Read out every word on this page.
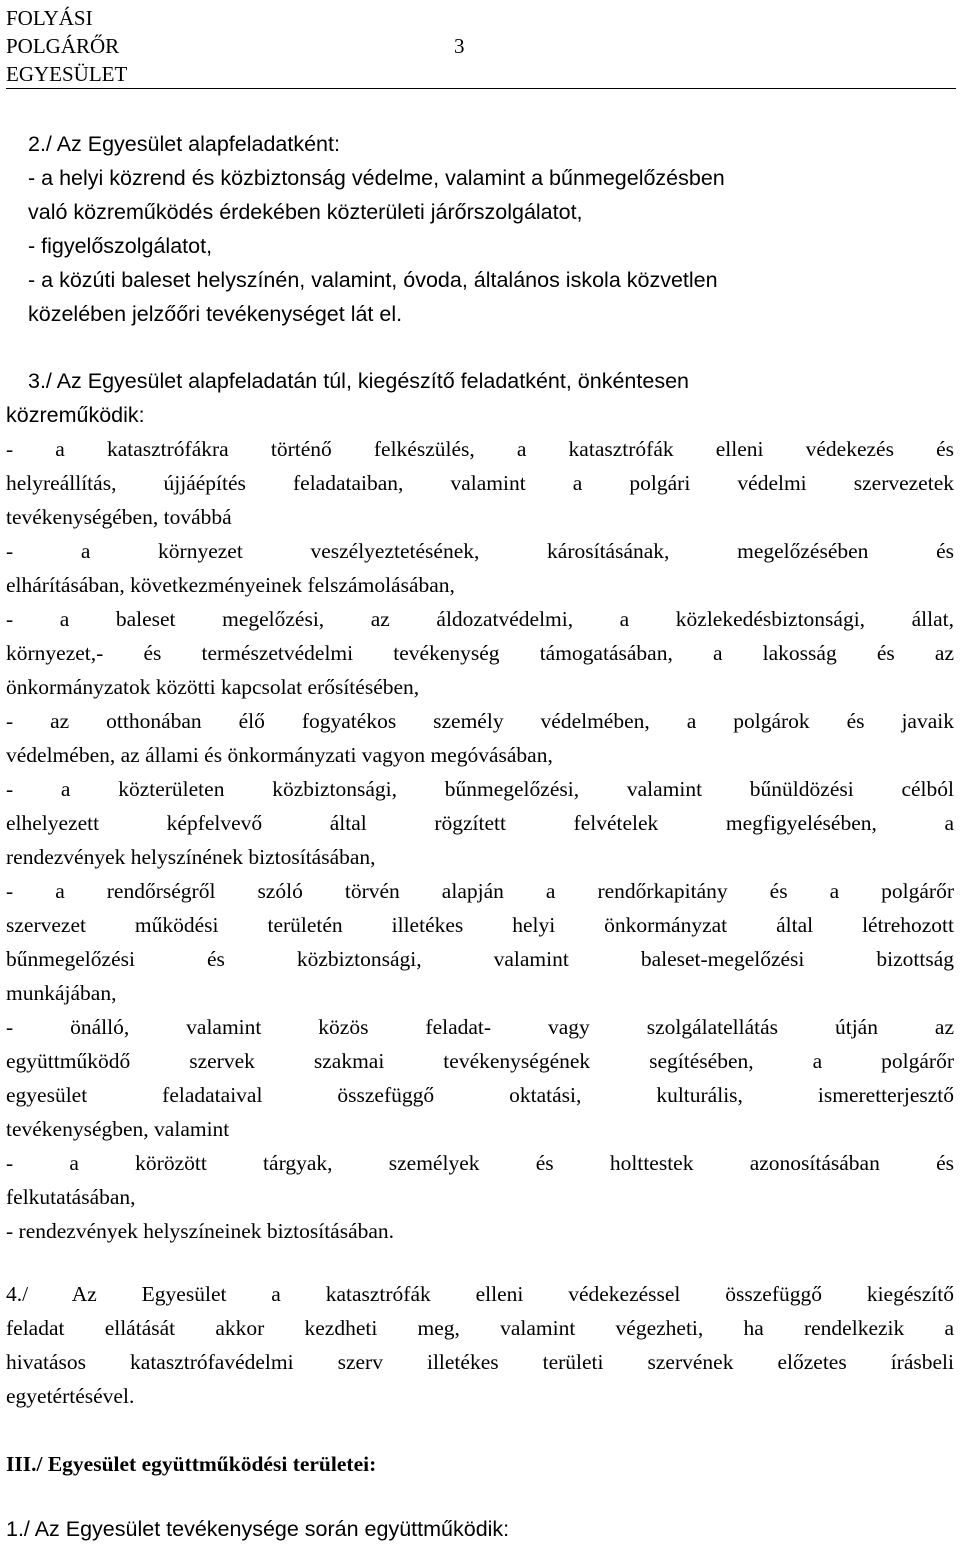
FOLYÁSI
POLGÁRŐR
EGYESÜLET
3
2./ Az Egyesület alapfeladatként:
- a helyi közrend és közbiztonság védelme, valamint a bűnmegelőzésben
való közreműködés érdekében közterületi járőrszolgálatot,
- figyelőszolgálatot,
- a közúti baleset helyszínén, valamint, óvoda, általános iskola közvetlen
közelében jelzőőri tevékenységet lát el.
3./ Az Egyesület alapfeladatán túl, kiegészítő feladatként, önkéntesen
közreműködik:
- a katasztrófákra történő felkészülés, a katasztrófák elleni védekezés és
helyreállítás, újjáépítés feladataiban, valamint a polgári védelmi szervezetek
tevékenységében, továbbá
- a környezet veszélyeztetésének, károsításának, megelőzésében és
elhárításában, következményeinek felszámolásában,
- a baleset megelőzési, az áldozatvédelmi, a közlekedésbiztonsági, állat,
környezet,- és természetvédelmi tevékenység támogatásában, a lakosság és az
önkormányzatok közötti kapcsolat erősítésében,
- az otthonában élő fogyatékos személy védelmében, a polgárok és javaik
védelmében, az állami és önkormányzati vagyon megóvásában,
- a közterületen közbiztonsági, bűnmegelőzési, valamint bűnüldözési célból
elhelyezett képfelvevő által rögzített felvételek megfigyelésében, a
rendezvények helyszínének biztosításában,
- a rendőrségről szóló törvén alapján a rendőrkapitány és a polgárőr
szervezet működési területén illetékes helyi önkormányzat által létrehozott
bűnmegelőzési és közbiztonsági, valamint baleset-megelőzési bizottság
munkájában,
- önálló, valamint közös feladat- vagy szolgálatellátás útján az
együttműködő szervek szakmai tevékenységének segítésében, a polgárőr
egyesület feladataival összefüggő oktatási, kulturális, ismeretterjesztő
tevékenységben, valamint
- a körözött tárgyak, személyek és holttestek azonosításában és
felkutatásában,
- rendezvények helyszíneinek biztosításában.
4./ Az Egyesület a katasztrófák elleni védekezéssel összefüggő kiegészítő
feladat ellátását akkor kezdheti meg, valamint végezheti, ha rendelkezik a
hivatásos katasztrófavédelmi szerv illetékes területi szervének előzetes írásbeli
egyetértésével.
III./ Egyesület együttműködési területei:
1./ Az Egyesület tevékenysége során együttműködik:
